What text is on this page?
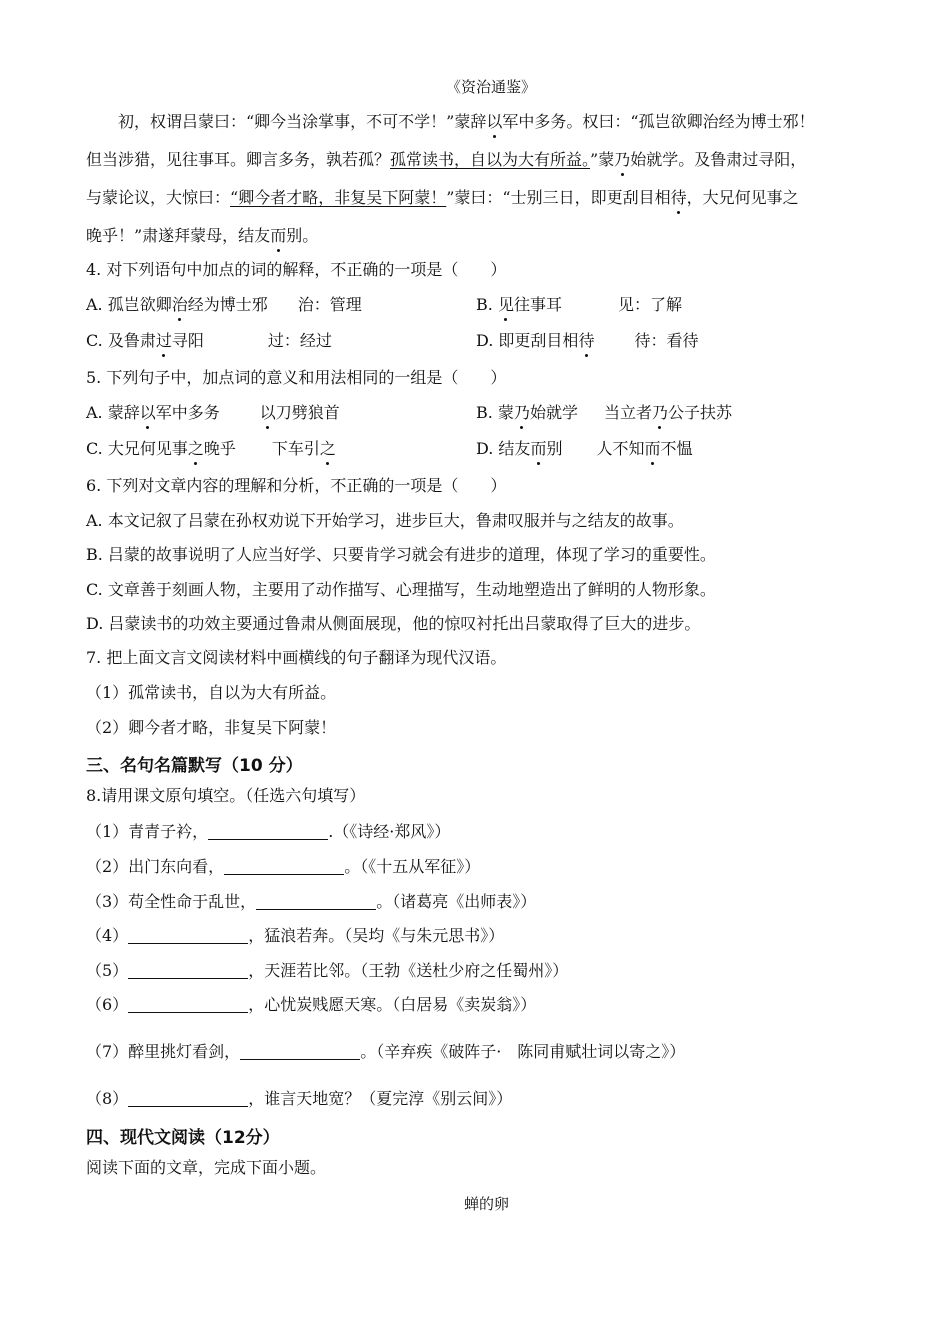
《资治通鉴》
初，权谓吕蒙曰：“卿今当涂掌事，不可不学！”蒙辞以军中多务。权曰：“孤岂欲卿治经为博士邪！
但当涉猎，见往事耳。卿言多务，孰若孤？孤常读书，自以为大有所益。”蒙乃始就学。及鲁肃过寻阳，
与蒙论议，大惊曰：“卿今者才略，非复吴下阿蒙！”蒙曰：“士别三日，即更刮目相待，大兄何见事之
晚乎！”肃遂拜蒙母，结友而别。
4. 对下列语句中加点的词的解释，不正确的一项是（　　）
A. 孤岂欲卿治经为博士邪 治：管理	B. 见往事耳	见：了解
C. 及鲁肃过寻阳	过：经过	D. 即更刮目相待	待：看待
5. 下列句子中，加点词的意义和用法相同的一组是（　　）
A. 蒙辞以军中多务	以刀劈狼首	B. 蒙乃始就学 当立者乃公子扶苏
C. 大兄何见事之晚乎 下车引之	D. 结友而别 人不知而不愠
6. 下列对文章内容的理解和分析，不正确的一项是（　　）
A. 本文记叙了吕蒙在孙权劝说下开始学习，进步巨大，鲁肃叹服并与之结友的故事。
B. 吕蒙的故事说明了人应当好学、只要肯学习就会有进步的道理，体现了学习的重要性。
C. 文章善于刻画人物，主要用了动作描写、心理描写，生动地塑造出了鲜明的人物形象。
D. 吕蒙读书的功效主要通过鲁肃从侧面展现，他的惊叹衬托出吕蒙取得了巨大的进步。
7. 把上面文言文阅读材料中画横线的句子翻译为现代汉语。
（1）孤常读书，自以为大有所益。
（2）卿今者才略，非复吴下阿蒙！
三、名句名篇默写（10 分）
8.请用课文原句填空。（任选六句填写）
（1）青青子衿，	.（《诗经·郑风》）
（2）出门东向看，	。（《十五从军征》）
（3）苟全性命于乱世，	。（诸葛亮《出师表》）
（4）	，猛浪若奔。（吴均《与朱元思书》）
（5）	，天涯若比邻。（王勃《送杜少府之任蜀州》）
（6）	，心忧炭贱愿天寒。（白居易《卖炭翁》）
（7）醉里挑灯看剑，	。（辛弃疾《破阵子·　陈同甫赋壮词以寄之》）
（8）	，谁言天地宽？（夏完淳《别云间》）
四、现代文阅读（12分）
阅读下面的文章，完成下面小题。
蝉的卵
